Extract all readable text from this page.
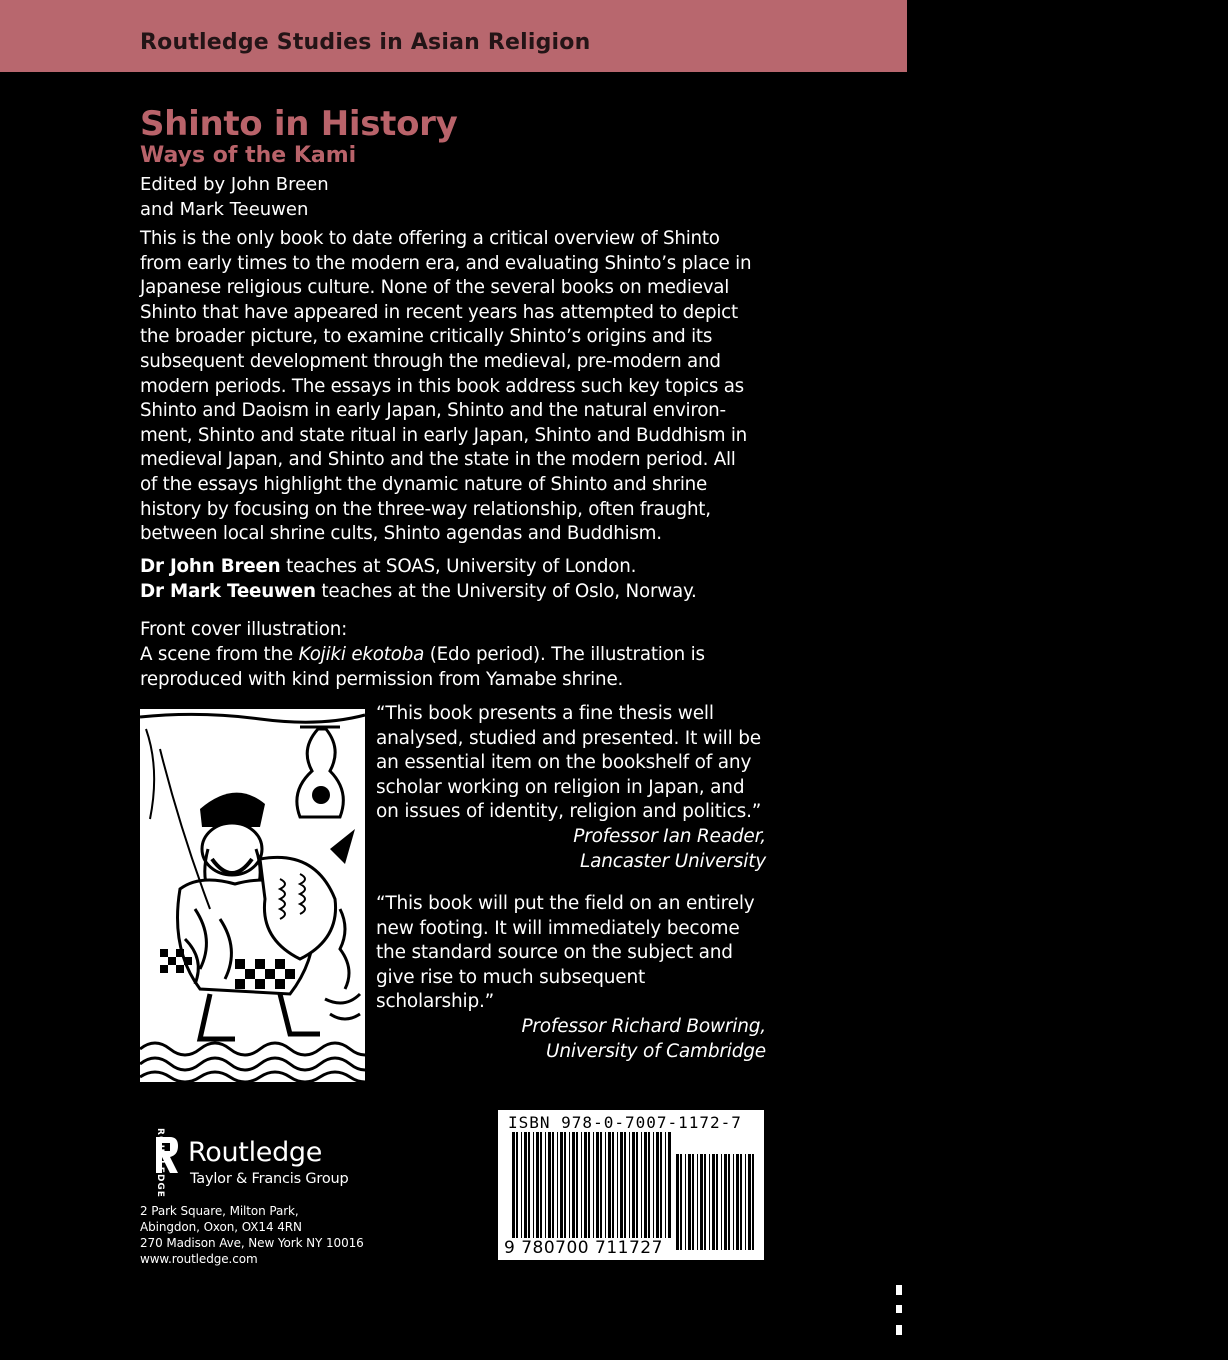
Routledge Studies in Asian Religion
Shinto in History
Ways of the Kami
Edited by John Breen
and Mark Teeuwen

This is the only book to date offering a critical overview of Shinto

from early times to the modern era, and evaluating Shinto’s place in

Japanese religious culture. None of the several books on medieval

Shinto that have appeared in recent years has attempted to depict

the broader picture, to examine critically Shinto’s origins and its

subsequent development through the medieval, pre-modern and

modern periods. The essays in this book address such key topics as

Shinto and Daoism in early Japan, Shinto and the natural environ-

ment, Shinto and state ritual in early Japan, Shinto and Buddhism in

medieval Japan, and Shinto and the state in the modern period. All

of the essays highlight the dynamic nature of Shinto and shrine

history by focusing on the three-way relationship, often fraught,

between local shrine cults, Shinto agendas and Buddhism.

Dr John Breen teaches at SOAS, University of London.
Dr Mark Teeuwen teaches at the University of Oslo, Norway.
Front cover illustration:
A scene from the Kojiki ekotoba (Edo period). The illustration is
reproduced with kind permission from Yamabe shrine.
“This book presents a fine thesis well
analysed, studied and presented. It will be
an essential item on the bookshelf of any
scholar working on religion in Japan, and
on issues of identity, religion and politics.”
Professor Ian Reader,
Lancaster University
“This book will put the field on an entirely
new footing. It will immediately become
the standard source on the subject and
give rise to much subsequent scholarship.”
Professor Richard Bowring,
University of Cambridge
ROUTLEDGE Routledge
Taylor & Francis Group
2 Park Square, Milton Park,
Abingdon, Oxon, OX14 4RN
270 Madison Ave, New York NY 10016
www.routledge.com
ISBN 978-0-7007-1172-7
90000
9 780700 711727
